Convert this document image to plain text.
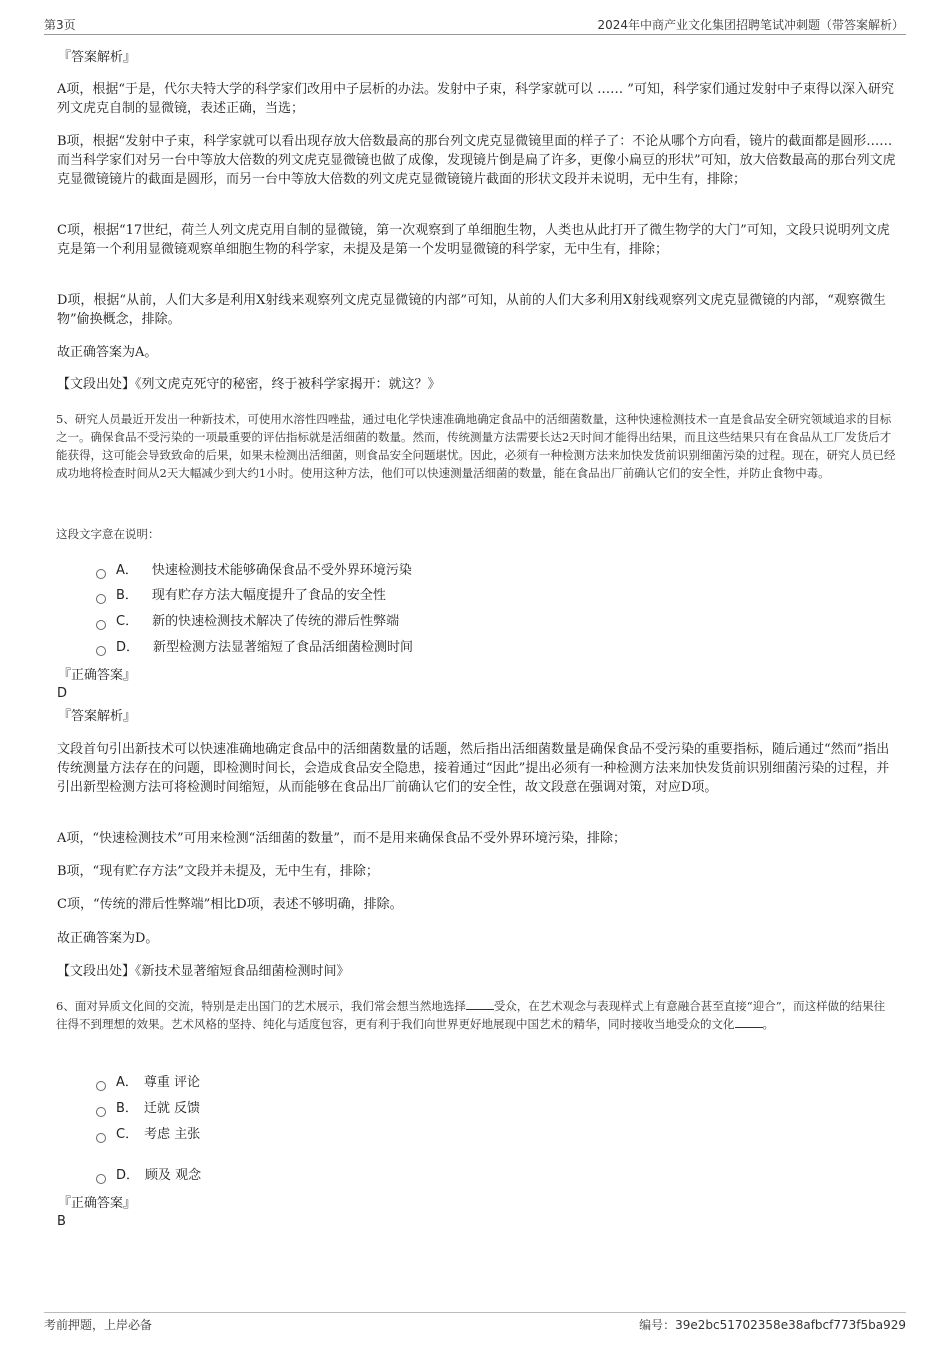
第3页	2024年中商产业文化集团招聘笔试冲刺题（带答案解析）
『答案解析』
A项，根据“于是，代尔夫特大学的科学家们改用中子层析的办法。发射中子束，科学家就可以 …… ”可知，科学家们通过发射中子束得以深入研究列文虎克自制的显微镜，表述正确，当选；
B项，根据“发射中子束，科学家就可以看出现存放大倍数最高的那台列文虎克显微镜里面的样子了：不论从哪个方向看，镜片的截面都是圆形……而当科学家们对另一台中等放大倍数的列文虎克显微镜也做了成像，发现镜片倒是扁了许多，更像小扁豆的形状”可知，放大倍数最高的那台列文虎克显微镜镜片的截面是圆形，而另一台中等放大倍数的列文虎克显微镜镜片截面的形状文段并未说明，无中生有，排除；
C项，根据“17世纪，荷兰人列文虎克用自制的显微镜，第一次观察到了单细胞生物，人类也从此打开了微生物学的大门”可知，文段只说明列文虎克是第一个利用显微镜观察单细胞生物的科学家，未提及是第一个发明显微镜的科学家，无中生有，排除；
D项，根据“从前，人们大多是利用X射线来观察列文虎克显微镜的内部”可知，从前的人们大多利用X射线观察列文虎克显微镜的内部，“观察微生物”偷换概念，排除。
故正确答案为A。
【文段出处】《列文虎克死守的秘密，终于被科学家揭开：就这？》
5、研究人员最近开发出一种新技术，可使用水溶性四唑盐，通过电化学快速准确地确定食品中的活细菌数量，这种快速检测技术一直是食品安全研究领域追求的目标之一。确保食品不受污染的一项最重要的评估指标就是活细菌的数量。然而，传统测量方法需要长达2天时间才能得出结果，而且这些结果只有在食品从工厂发货后才能获得，这可能会导致致命的后果，如果未检测出活细菌，则食品安全问题堪忧。因此，必须有一种检测方法来加快发货前识别细菌污染的过程。现在，研究人员已经成功地将检查时间从2天大幅减少到大约1小时。使用这种方法，他们可以快速测量活细菌的数量，能在食品出厂前确认它们的安全性，并防止食物中毒。
这段文字意在说明：
A． 快速检测技术能够确保食品不受外界环境污染
B． 现有贮存方法大幅度提升了食品的安全性
C． 新的快速检测技术解决了传统的滞后性弊端
D． 新型检测方法显著缩短了食品活细菌检测时间
『正确答案』
D
『答案解析』
文段首句引出新技术可以快速准确地确定食品中的活细菌数量的话题，然后指出活细菌数量是确保食品不受污染的重要指标，随后通过“然而”指出传统测量方法存在的问题，即检测时间长，会造成食品安全隐患，接着通过“因此”提出必须有一种检测方法来加快发货前识别细菌污染的过程，并引出新型检测方法可将检测时间缩短，从而能够在食品出厂前确认它们的安全性，故文段意在强调对策，对应D项。
A项，“快速检测技术”可用来检测“活细菌的数量”，而不是用来确保食品不受外界环境污染，排除；
B项，“现有贮存方法”文段并未提及，无中生有，排除；
C项，“传统的滞后性弊端”相比D项，表述不够明确，排除。
故正确答案为D。
【文段出处】《新技术显著缩短食品细菌检测时间》
6、面对异质文化间的交流，特别是走出国门的艺术展示，我们常会想当然地选择 受众，在艺术观念与表现样式上有意融合甚至直接“迎合”，而这样做的结果往往得不到理想的效果。艺术风格的坚持、纯化与适度包容，更有利于我们向世界更好地展现中国艺术的精华，同时接收当地受众的文化 。
A． 尊重 评论
B． 迁就 反馈
C． 考虑 主张
D． 顾及 观念
『正确答案』
B
考前押题，上岸必备	编号：39e2bc51702358e38afbcf773f5ba929
